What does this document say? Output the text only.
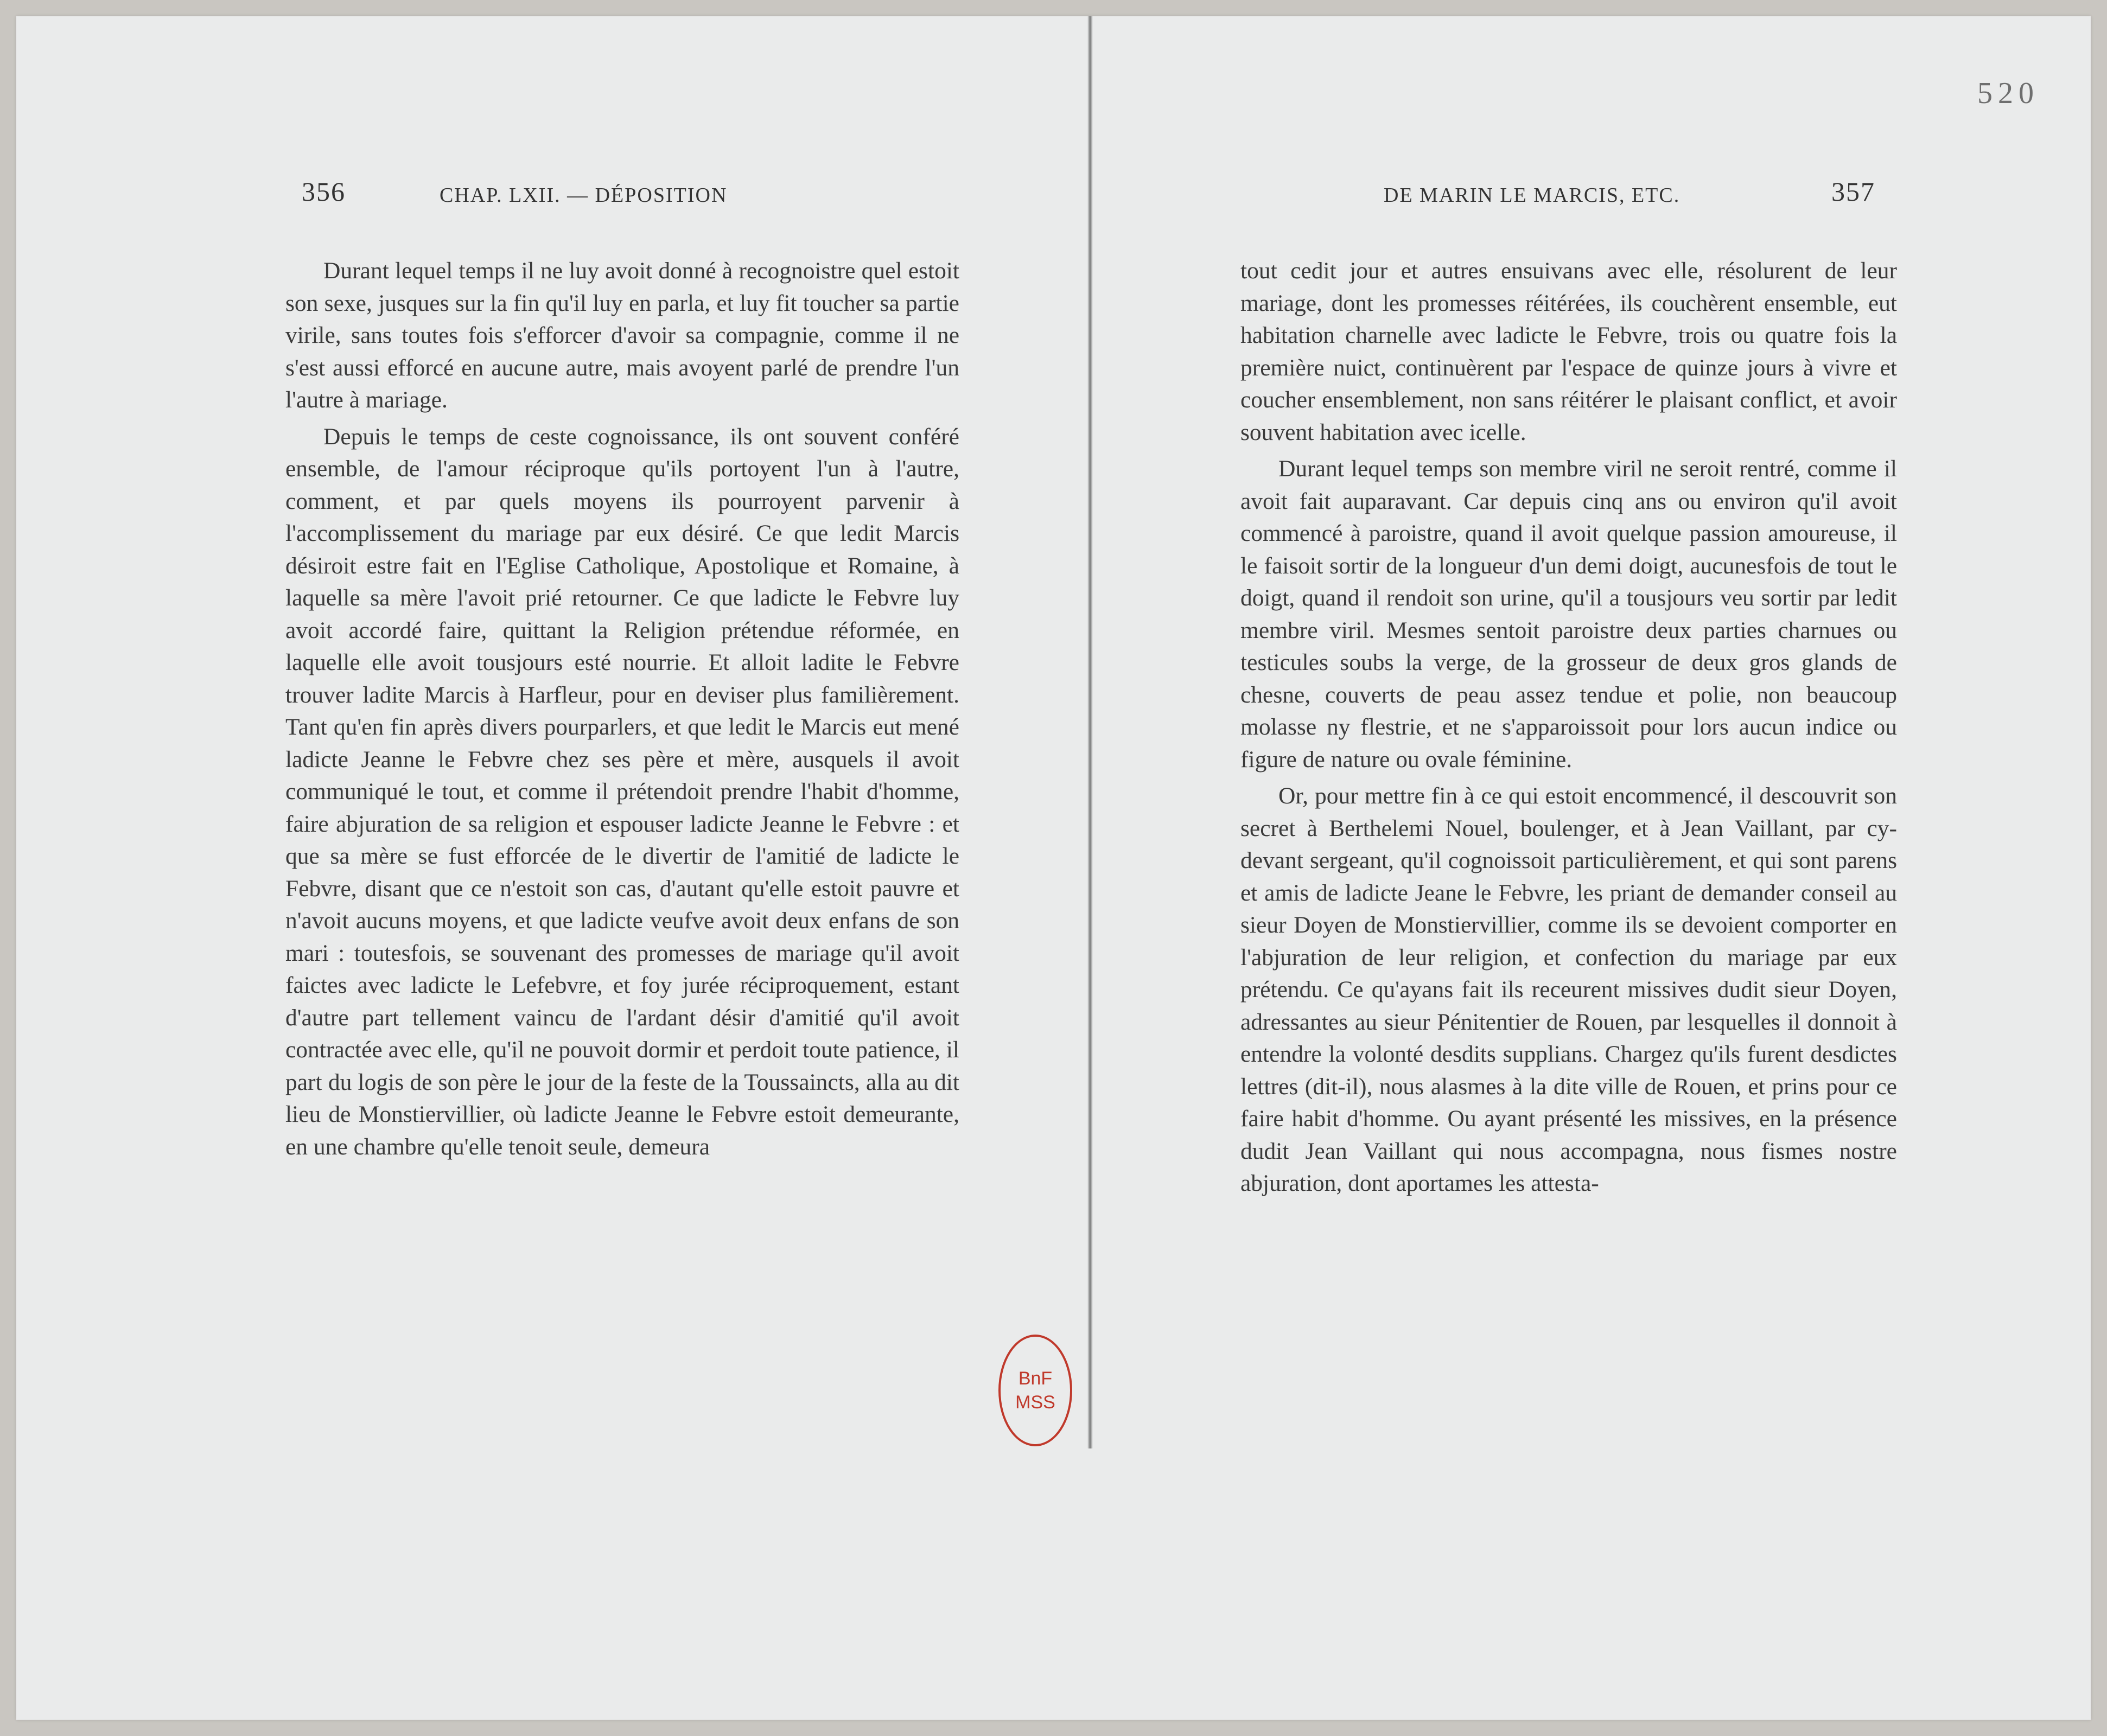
520
356	CHAP. LXII. — DÉPOSITION

Durant lequel temps il ne luy avoit donné à recognoistre quel estoit son sexe, jusques sur la fin qu'il luy en parla, et luy fit toucher sa partie virile, sans toutes fois s'efforcer d'avoir sa compagnie, comme il ne s'est aussi efforcé en aucune autre, mais avoyent parlé de prendre l'un l'autre à mariage.

Depuis le temps de ceste cognoissance, ils ont souvent conféré ensemble, de l'amour réciproque qu'ils portoyent l'un à l'autre, comment, et par quels moyens ils pourroyent parvenir à l'accomplissement du mariage par eux désiré. Ce que ledit Marcis désiroit estre fait en l'Eglise Catholique, Apostolique et Romaine, à laquelle sa mère l'avoit prié retourner. Ce que ladicte le Febvre luy avoit accordé faire, quittant la Religion prétendue réformée, en laquelle elle avoit tousjours esté nourrie. Et alloit ladite le Febvre trouver ladite Marcis à Harfleur, pour en deviser plus familièrement. Tant qu'en fin après divers pourparlers, et que ledit le Marcis eut mené ladicte Jeanne le Febvre chez ses père et mère, ausquels il avoit communiqué le tout, et comme il prétendoit prendre l'habit d'homme, faire abjuration de sa religion et espouser ladicte Jeanne le Febvre : et que sa mère se fust efforcée de le divertir de l'amitié de ladicte le Febvre, disant que ce n'estoit son cas, d'autant qu'elle estoit pauvre et n'avoit aucuns moyens, et que ladicte veufve avoit deux enfans de son mari : toutesfois, se souvenant des promesses de mariage qu'il avoit faictes avec ladicte le Lefebvre, et foy jurée réciproquement, estant d'autre part tellement vaincu de l'ardant désir d'amitié qu'il avoit contractée avec elle, qu'il ne pouvoit dormir et perdoit toute patience, il part du logis de son père le jour de la feste de la Toussaincts, alla au dit lieu de Monstiervillier, où ladicte Jeanne le Febvre estoit demeurante, en une chambre qu'elle tenoit seule, demeura

DE MARIN LE MARCIS, ETC.	357

tout cedit jour et autres ensuivans avec elle, résolurent de leur mariage, dont les promesses réitérées, ils couchèrent ensemble, eut habitation charnelle avec ladicte le Febvre, trois ou quatre fois la première nuict, continuèrent par l'espace de quinze jours à vivre et coucher ensemblement, non sans réitérer le plaisant conflict, et avoir souvent habitation avec icelle.

Durant lequel temps son membre viril ne seroit rentré, comme il avoit fait auparavant. Car depuis cinq ans ou environ qu'il avoit commencé à paroistre, quand il avoit quelque passion amoureuse, il le faisoit sortir de la longueur d'un demi doigt, aucunesfois de tout le doigt, quand il rendoit son urine, qu'il a tousjours veu sortir par ledit membre viril. Mesmes sentoit paroistre deux parties charnues ou testicules soubs la verge, de la grosseur de deux gros glands de chesne, couverts de peau assez tendue et polie, non beaucoup molasse ny flestrie, et ne s'apparoissoit pour lors aucun indice ou figure de nature ou ovale féminine.

Or, pour mettre fin à ce qui estoit encommencé, il descouvrit son secret à Berthelemi Nouel, boulenger, et à Jean Vaillant, par cy-devant sergeant, qu'il cognoissoit particulièrement, et qui sont parens et amis de ladicte Jeane le Febvre, les priant de demander conseil au sieur Doyen de Monstiervillier, comme ils se devoient comporter en l'abjuration de leur religion, et confection du mariage par eux prétendu. Ce qu'ayans fait ils receurent missives dudit sieur Doyen, adressantes au sieur Pénitentier de Rouen, par lesquelles il donnoit à entendre la volonté desdits supplians. Chargez qu'ils furent desdictes lettres (dit-il), nous alasmes à la dite ville de Rouen, et prins pour ce faire habit d'homme. Ou ayant présenté les missives, en la présence dudit Jean Vaillant qui nous accompagna, nous fismes nostre abjuration, dont aportames les attesta-

BnF
MSS
